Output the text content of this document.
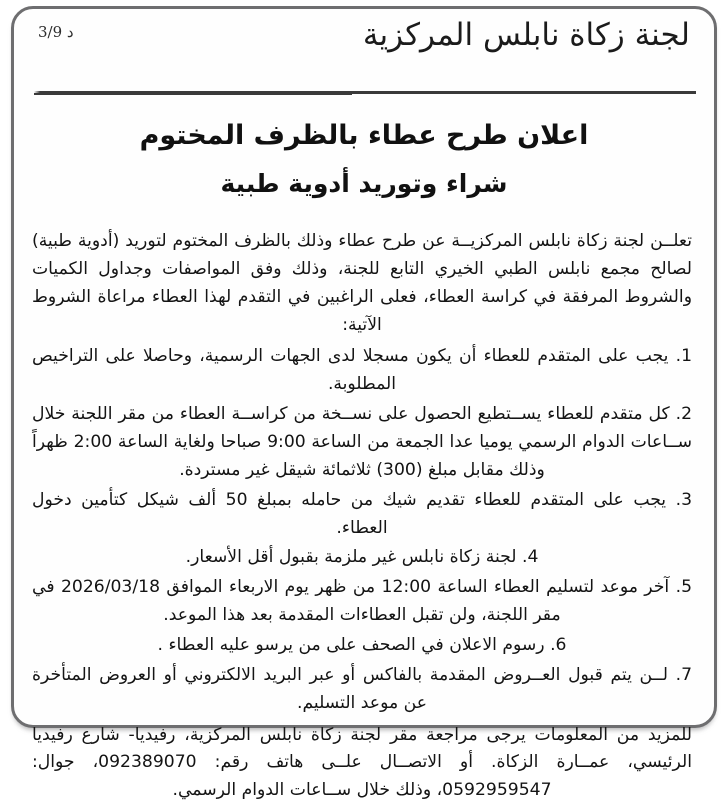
د 3/9	لجنة زكاة نابلس المركزية
اعلان طرح عطاء بالظرف المختوم
شراء وتوريد أدوية طبية

تعلــن لجنة زكاة نابلس المركزيــة عن طرح عطاء وذلك بالظرف المختوم لتوريد (أدوية طبية) لصالح مجمع نابلس الطبي الخيري التابع للجنة، وذلك وفق المواصفات وجداول الكميات والشروط المرفقة في كراسة العطاء، فعلى الراغبين في التقدم لهذا العطاء مراعاة الشروط الآتية:

1. يجب على المتقدم للعطاء أن يكون مسجلا لدى الجهات الرسمية، وحاصلا على التراخيص المطلوبة.
2. كل متقدم للعطاء يســتطيع الحصول على نســخة من كراســة العطاء من مقر اللجنة خلال ســاعات الدوام الرسمي يوميا عدا الجمعة من الساعة 9:00 صباحا ولغاية الساعة 2:00 ظهراً وذلك مقابل مبلغ (300) ثلاثمائة شيقل غير مستردة.
3. يجب على المتقدم للعطاء تقديم شيك من حامله بمبلغ 50 ألف شيكل كتأمين دخول العطاء.
4. لجنة زكاة نابلس غير ملزمة بقبول أقل الأسعار.
5. آخر موعد لتسليم العطاء الساعة 12:00 من ظهر يوم الاربعاء الموافق 2026/03/18 في مقر اللجنة، ولن تقبل العطاءات المقدمة بعد هذا الموعد.
6. رسوم الاعلان في الصحف على من يرسو عليه العطاء .
7. لــن يتم قبول العــروض المقدمة بالفاكس أو عبر البريد الالكتروني أو العروض المتأخرة عن موعد التسليم.

للمزيد من المعلومات يرجى مراجعة مقر لجنة زكاة نابلس المركزية، رفيديا- شارع رفيديا الرئيسي، عمــارة الزكاة. أو الاتصــال علــى هاتف رقم: 092389070، جوال: 0592959547، وذلك خلال ســاعات الدوام الرسمي.
